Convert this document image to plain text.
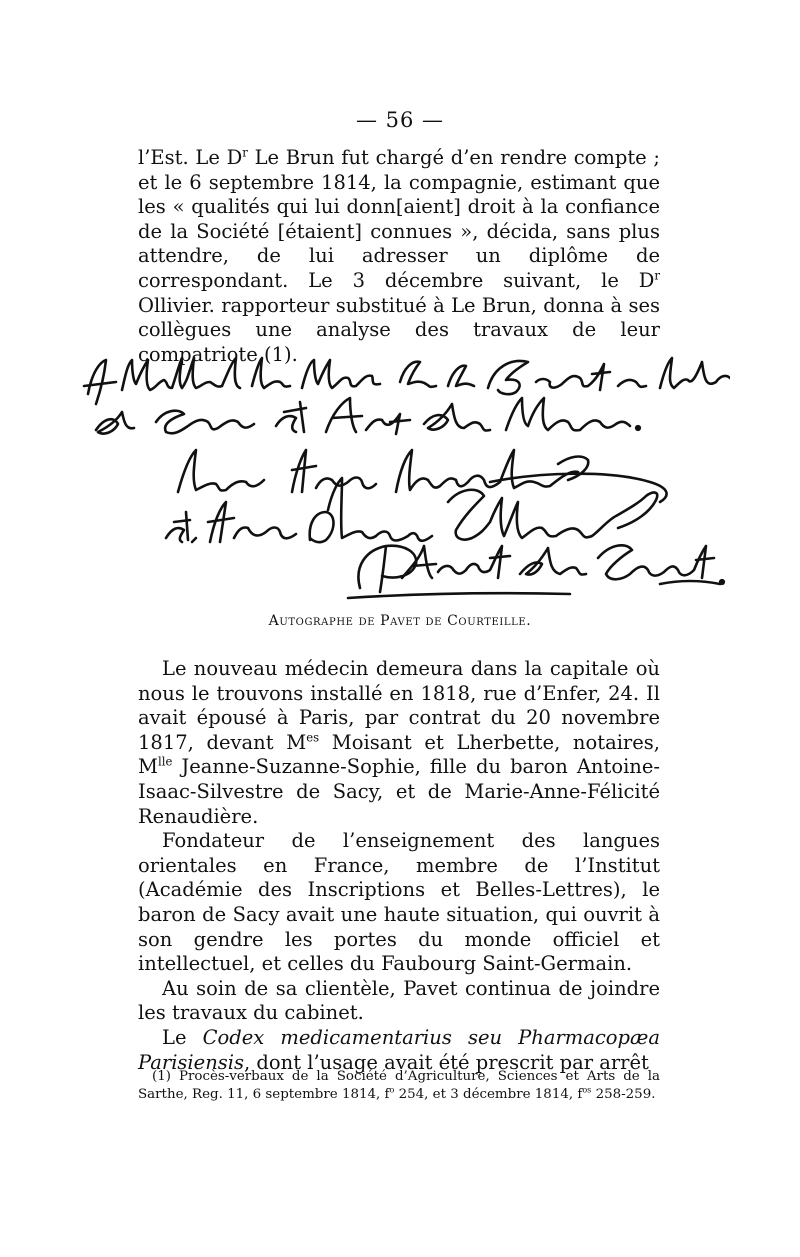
— 56 —

l’Est. Le $D^r$ Le Brun fut chargé d’en rendre compte ; et le 6 septembre 1814, la compagnie, estimant que les « qualités qui lui donn[aient] droit à la confiance de la Société [étaient] connues », décida, sans plus attendre, de lui adresser un diplôme de correspondant. Le 3 décembre suivant, le $D^r$ Ollivier. rapporteur substitué à Le Brun, donna à ses collègues une analyse des travaux de leur compatriote (1).

Autographe de Pavet de Courteille.

Le nouveau médecin demeura dans la capitale où nous le trouvons installé en 1818, rue d’Enfer, 24. Il avait épousé à Paris, par contrat du 20 novembre 1817, devant $M^{es}$ Moisant et Lherbette, notaires, $M^{lle}$ Jeanne-Suzanne-Sophie, fille du baron Antoine-Isaac-Silvestre de Sacy, et de Marie-Anne-Félicité Renaudière.

Fondateur de l’enseignement des langues orientales en France, membre de l’Institut (Académie des Inscriptions et Belles-Lettres), le baron de Sacy avait une haute situation, qui ouvrit à son gendre les portes du monde officiel et intellectuel, et celles du Faubourg Saint-Germain.

Au soin de sa clientèle, Pavet continua de joindre les travaux du cabinet.

Le Codex medicamentarius seu Pharmacopæa Parisiensis, dont l’usage avait été prescrit par arrêt

(1) Procès-verbaux de la Société d’Agriculture, Sciences et Arts de la Sarthe, Reg. 11, 6 septembre 1814, $f^o$ 254, et 3 décembre 1814, $f^{os}$ 258-259.
